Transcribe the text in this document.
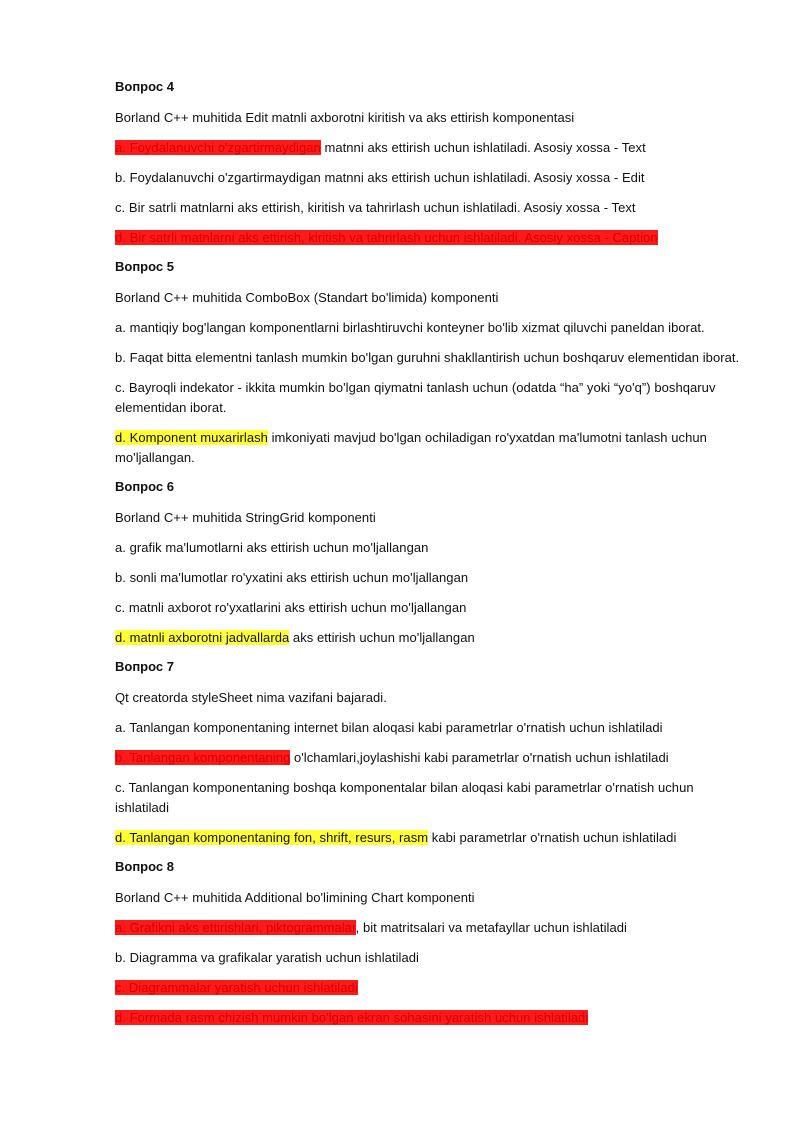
Вопрос 4

Borland C++ muhitida Edit matnli axborotni kiritish va aks ettirish komponentasi

a. Foydalanuvchi o'zgartirmaydigan matnni aks ettirish uchun ishlatiladi. Asosiy xossa - Text

b. Foydalanuvchi o'zgartirmaydigan matnni aks ettirish uchun ishlatiladi. Asosiy xossa - Edit

c. Bir satrli matnlarni aks ettirish, kiritish va tahrirlash uchun ishlatiladi. Asosiy xossa - Text

d. Bir satrli matnlarni aks ettirish, kiritish va tahrirlash uchun ishlatiladi. Asosiy xossa - Caption

Вопрос 5

Borland C++ muhitida ComboBox (Standart bo'limida) komponenti

a. mantiqiy bog'langan komponentlarni birlashtiruvchi konteyner bo'lib xizmat qiluvchi paneldan iborat.

b. Faqat bitta elementni tanlash mumkin bo'lgan guruhni shakllantirish uchun boshqaruv elementidan iborat.

c. Bayroqli indekator - ikkita mumkin bo'lgan qiymatni tanlash uchun (odatda “ha” yoki “yo'q”) boshqaruv elementidan iborat.

d. Komponent muxarirlash imkoniyati mavjud bo'lgan ochiladigan ro'yxatdan ma'lumotni tanlash uchun mo'ljallangan.

Вопрос 6

Borland C++ muhitida StringGrid komponenti

a. grafik ma'lumotlarni aks ettirish uchun mo'ljallangan

b. sonli ma'lumotlar ro'yxatini aks ettirish uchun mo'ljallangan

c. matnli axborot ro'yxatlarini aks ettirish uchun mo'ljallangan

d. matnli axborotni jadvallarda aks ettirish uchun mo'ljallangan

Вопрос 7

Qt creatorda styleSheet nima vazifani bajaradi.

a. Tanlangan komponentaning internet bilan aloqasi kabi parametrlar o'rnatish uchun ishlatiladi

b. Tanlangan komponentaning o'lchamlari,joylashishi kabi parametrlar o'rnatish uchun ishlatiladi

c. Tanlangan komponentaning boshqa komponentalar bilan aloqasi kabi parametrlar o'rnatish uchun ishlatiladi

d. Tanlangan komponentaning fon, shrift, resurs, rasm kabi parametrlar o'rnatish uchun ishlatiladi

Вопрос 8

Borland C++ muhitida Additional bo'limining Chart komponenti

a. Grafikni aks ettirishlari, piktogrammalar, bit matritsalari va metafayllar uchun ishlatiladi

b. Diagramma va grafikalar yaratish uchun ishlatiladi

c. Diagrammalar yaratish uchun ishlatiladi

d. Formada rasm chizish mumkin bo'lgan ekran sohasini yaratish uchun ishlatiladi
